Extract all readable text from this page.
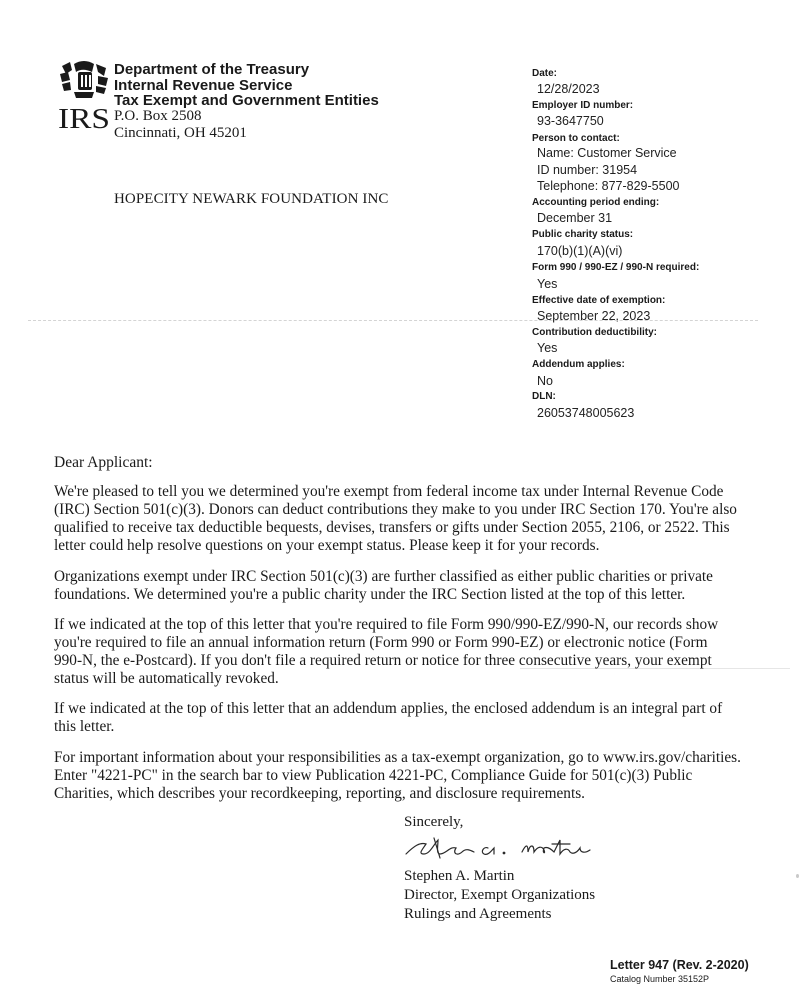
IRS
Department of the Treasury
Internal Revenue Service
Tax Exempt and Government Entities
P.O. Box 2508
Cincinnati, OH 45201
HOPECITY NEWARK FOUNDATION INC
Date:
12/28/2023
Employer ID number:
93-3647750
Person to contact:
Name: Customer Service
ID number: 31954
Telephone: 877-829-5500
Accounting period ending:
December 31
Public charity status:
170(b)(1)(A)(vi)
Form 990 / 990-EZ / 990-N required:
Yes
Effective date of exemption:
September 22, 2023
Contribution deductibility:
Yes
Addendum applies:
No
DLN:
26053748005623
Dear Applicant:
We're pleased to tell you we determined you're exempt from federal income tax under Internal Revenue Code
(IRC) Section 501(c)(3). Donors can deduct contributions they make to you under IRC Section 170. You're also
qualified to receive tax deductible bequests, devises, transfers or gifts under Section 2055, 2106, or 2522. This
letter could help resolve questions on your exempt status. Please keep it for your records.
Organizations exempt under IRC Section 501(c)(3) are further classified as either public charities or private
foundations. We determined you're a public charity under the IRC Section listed at the top of this letter.
If we indicated at the top of this letter that you're required to file Form 990/990-EZ/990-N, our records show
you're required to file an annual information return (Form 990 or Form 990-EZ) or electronic notice (Form
990-N, the e-Postcard). If you don't file a required return or notice for three consecutive years, your exempt
status will be automatically revoked.
If we indicated at the top of this letter that an addendum applies, the enclosed addendum is an integral part of
this letter.
For important information about your responsibilities as a tax-exempt organization, go to www.irs.gov/charities.
Enter "4221-PC" in the search bar to view Publication 4221-PC, Compliance Guide for 501(c)(3) Public
Charities, which describes your recordkeeping, reporting, and disclosure requirements.
Sincerely,
Stephen A. Martin
Director, Exempt Organizations
Rulings and Agreements
Letter 947 (Rev. 2-2020)
Catalog Number 35152P
